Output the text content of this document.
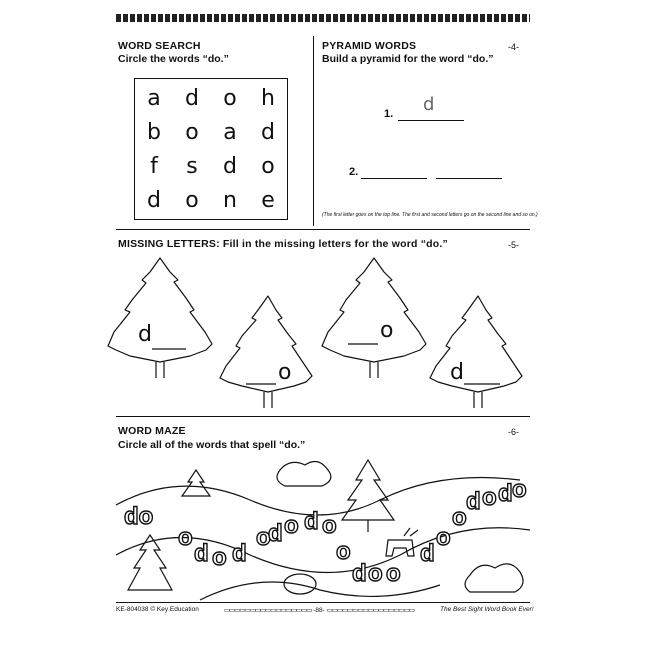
WORD SEARCH
Circle the words “do.”
a	d	o	h
b	o	a	d
f	s	d	o
d	o	n	e
PYRAMID WORDS	-4-
Build a pyramid for the word “do.”
1. d
2.
(The first letter goes on the top line. The first and second letters go on the second line and so on.)
MISSING LETTERS: Fill in the missing letters for the word “do.”	-5-
d
o
o
d
WORD MAZE	-6-
Circle all of the words that spell “do.”
do
o
d o d
o
d o d o
o
d o o
d
o
o
d o d o
KE-804038 © Key Education	▭▭▭▭▭▭▭▭▭▭▭▭▭▭▭▭▭ -88- ▭▭▭▭▭▭▭▭▭▭▭▭▭▭▭▭▭	The Best Sight Word Book Ever!
